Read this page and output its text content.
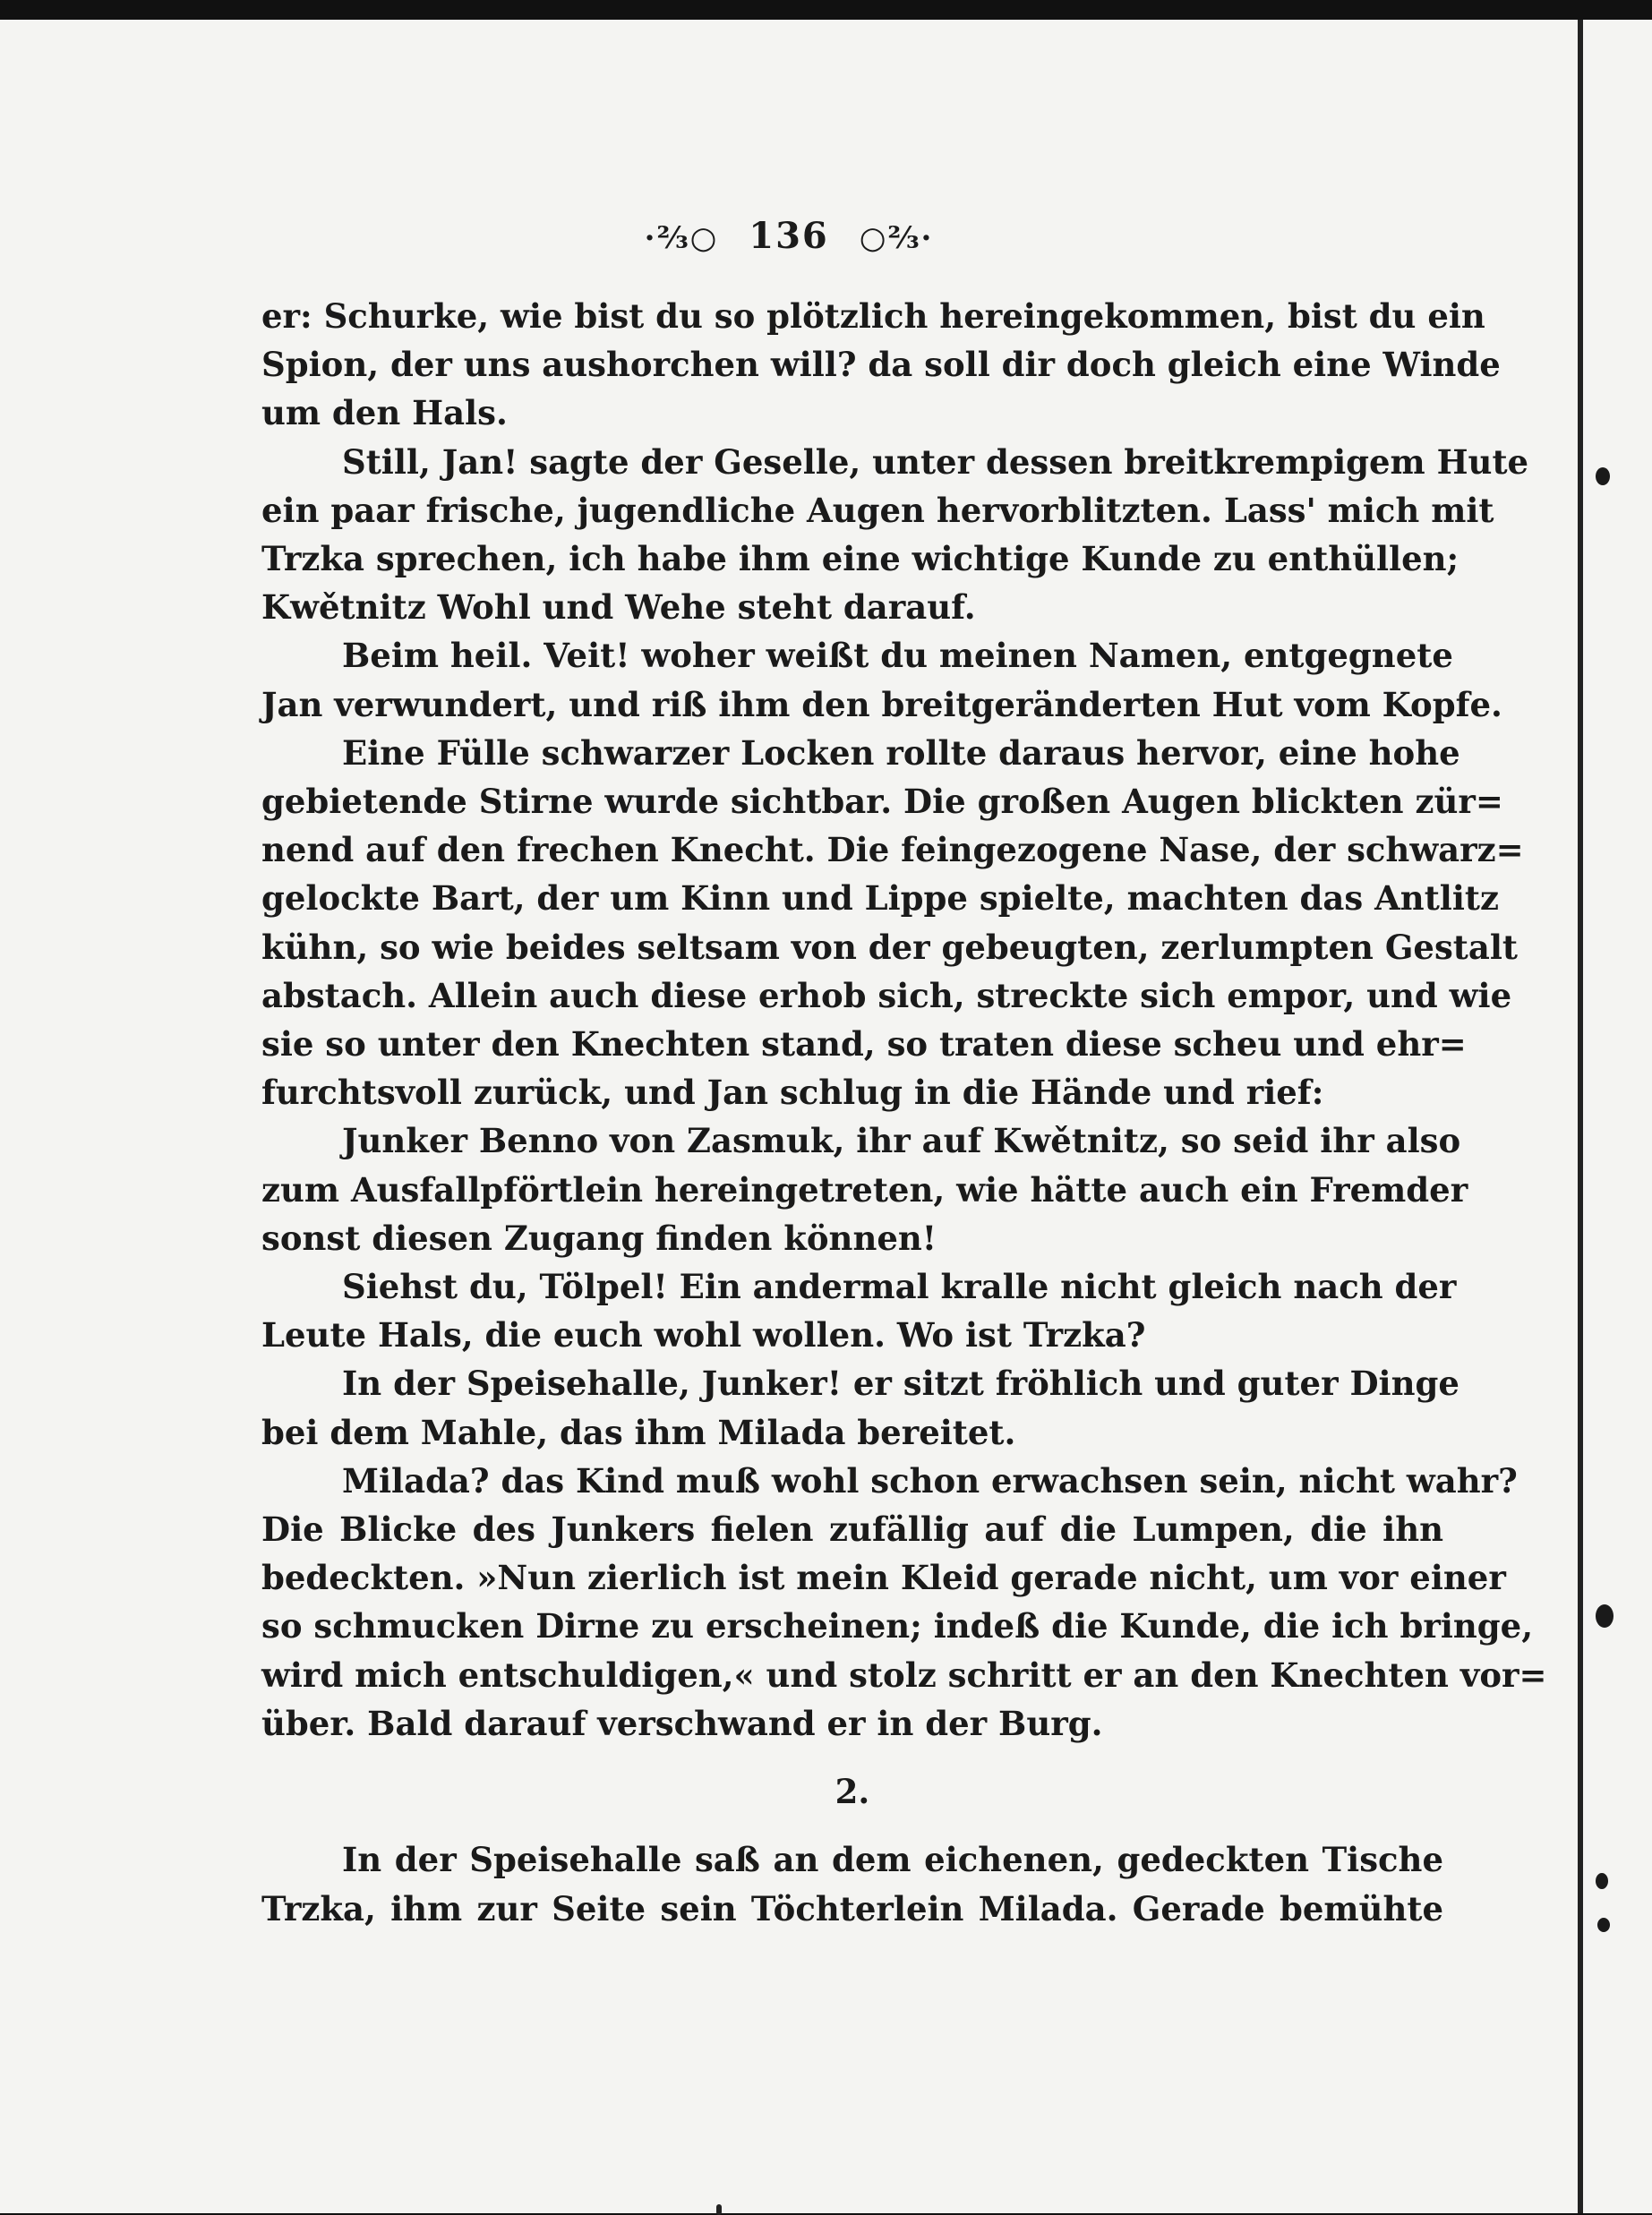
·⅔○ 136 ○⅔·
er: Schurke, wie bist du so plötzlich hereingekommen, bist du ein
Spion, der uns aushorchen will? da soll dir doch gleich eine Winde
um den Hals.
Still, Jan! sagte der Geselle, unter dessen breitkrempigem Hute
ein paar frische, jugendliche Augen hervorblitzten. Lass' mich mit
Trzka sprechen, ich habe ihm eine wichtige Kunde zu enthüllen;
Kwětnitz Wohl und Wehe steht darauf.
Beim heil. Veit! woher weißt du meinen Namen, entgegnete
Jan verwundert, und riß ihm den breitgeränderten Hut vom Kopfe.
Eine Fülle schwarzer Locken rollte daraus hervor, eine hohe
gebietende Stirne wurde sichtbar. Die großen Augen blickten zür=
nend auf den frechen Knecht. Die feingezogene Nase, der schwarz=
gelockte Bart, der um Kinn und Lippe spielte, machten das Antlitz
kühn, so wie beides seltsam von der gebeugten, zerlumpten Gestalt
abstach. Allein auch diese erhob sich, streckte sich empor, und wie
sie so unter den Knechten stand, so traten diese scheu und ehr=
furchtsvoll zurück, und Jan schlug in die Hände und rief:
Junker Benno von Zasmuk, ihr auf Kwětnitz, so seid ihr also
zum Ausfallpförtlein hereingetreten, wie hätte auch ein Fremder
sonst diesen Zugang finden können!
Siehst du, Tölpel! Ein andermal kralle nicht gleich nach der
Leute Hals, die euch wohl wollen. Wo ist Trzka?
In der Speisehalle, Junker! er sitzt fröhlich und guter Dinge
bei dem Mahle, das ihm Milada bereitet.
Milada? das Kind muß wohl schon erwachsen sein, nicht wahr?
Die Blicke des Junkers fielen zufällig auf die Lumpen, die ihn
bedeckten. »Nun zierlich ist mein Kleid gerade nicht, um vor einer
so schmucken Dirne zu erscheinen; indeß die Kunde, die ich bringe,
wird mich entschuldigen,« und stolz schritt er an den Knechten vor=
über. Bald darauf verschwand er in der Burg.
2.
In der Speisehalle saß an dem eichenen, gedeckten Tische
Trzka, ihm zur Seite sein Töchterlein Milada. Gerade bemühte
